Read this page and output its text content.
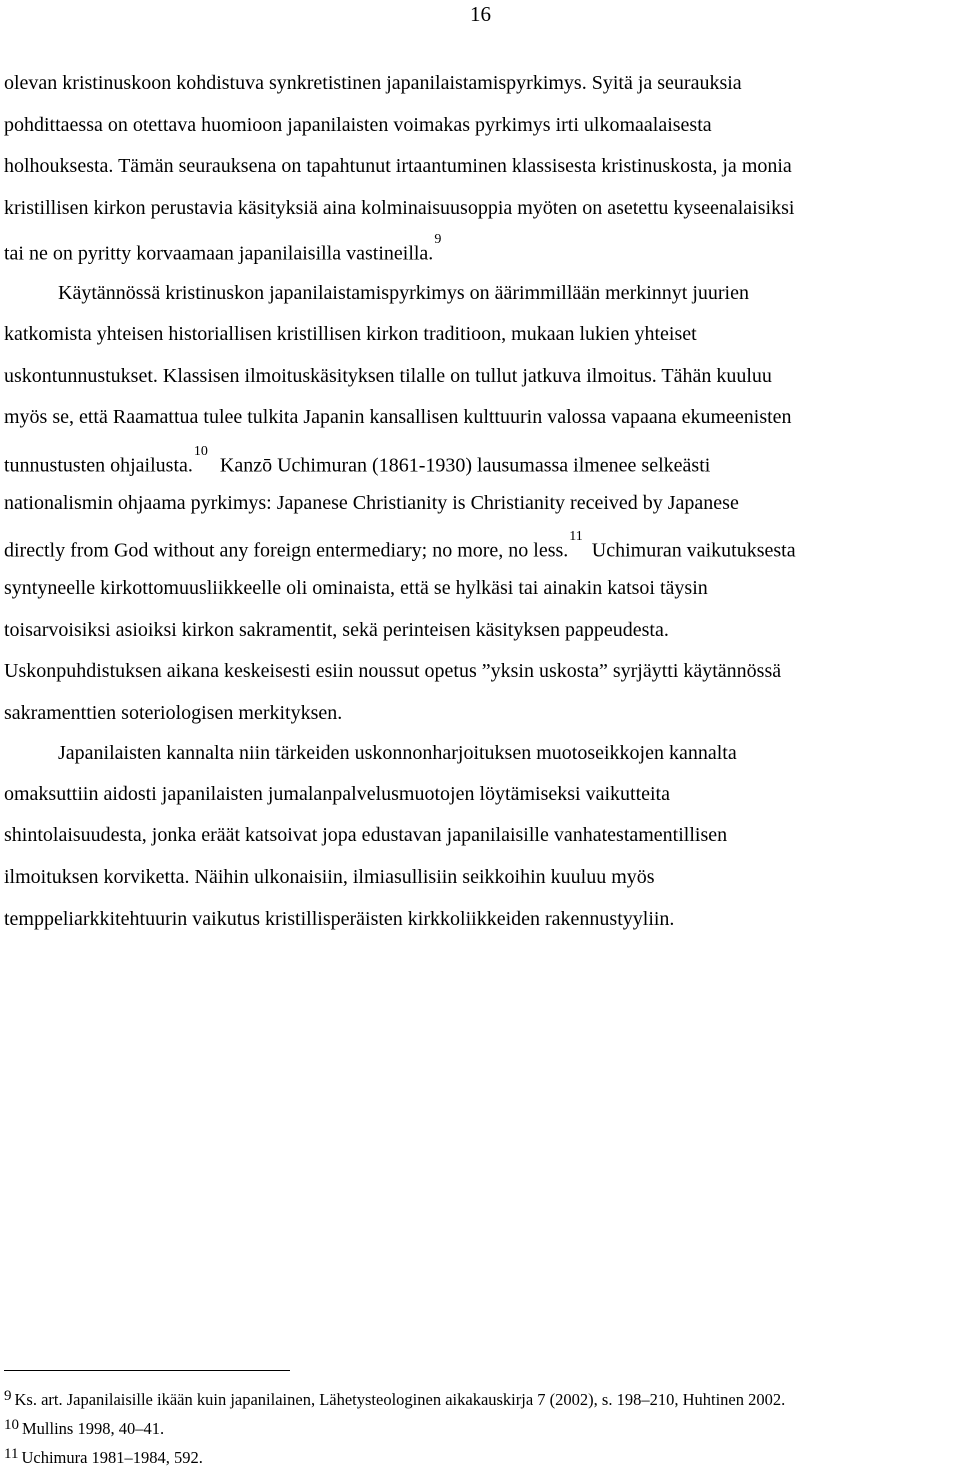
16
olevan kristinuskoon kohdistuva synkretistinen japanilaistamispyrkimys. Syitä ja seurauksia
pohdittaessa on otettava huomioon japanilaisten voimakas pyrkimys irti ulkomaalaisesta
holhouksesta. Tämän seurauksena on tapahtunut irtaantuminen klassisesta kristinuskosta, ja monia
kristillisen kirkon perustavia käsityksiä aina kolminaisuusoppia myöten on asetettu kyseenalaisiksi
tai ne on pyritty korvaamaan japanilaisilla vastineilla.$^9$
Käytännössä kristinuskon japanilaistamispyrkimys on äärimmillään merkinnyt juurien
katkomista yhteisen historiallisen kristillisen kirkon traditioon, mukaan lukien yhteiset
uskontunnustukset. Klassisen ilmoituskäsityksen tilalle on tullut jatkuva ilmoitus. Tähän kuuluu
myös se, että Raamattua tulee tulkita Japanin kansallisen kulttuurin valossa vapaana ekumeenisten
tunnustusten ohjailusta.$^{10}$Kanzō Uchimuran (1861-1930) lausumassa ilmenee selkeästi
nationalismin ohjaama pyrkimys: Japanese Christianity is Christianity received by Japanese
directly from God without any foreign entermediary; no more, no less.$^{11}$Uchimuran vaikutuksesta
syntyneelle kirkottomuusliikkeelle oli ominaista, että se hylkäsi tai ainakin katsoi täysin
toisarvoisiksi asioiksi kirkon sakramentit, sekä perinteisen käsityksen pappeudesta.
Uskonpuhdistuksen aikana keskeisesti esiin noussut opetus ”yksin uskosta” syrjäytti käytännössä
sakramenttien soteriologisen merkityksen.
Japanilaisten kannalta niin tärkeiden uskonnonharjoituksen muotoseikkojen kannalta
omaksuttiin aidosti japanilaisten jumalanpalvelusmuotojen löytämiseksi vaikutteita
shintolaisuudesta, jonka eräät katsoivat jopa edustavan japanilaisille vanhatestamentillisen
ilmoituksen korviketta. Näihin ulkonaisiin, ilmiasullisiin seikkoihin kuuluu myös
temppeliarkkitehtuurin vaikutus kristillisperäisten kirkkoliikkeiden rakennustyyliin.
9 Ks. art. Japanilaisille ikään kuin japanilainen, Lähetysteologinen aikakauskirja 7 (2002), s. 198–210, Huhtinen 2002.
10 Mullins 1998, 40–41.
11 Uchimura 1981–1984, 592.
